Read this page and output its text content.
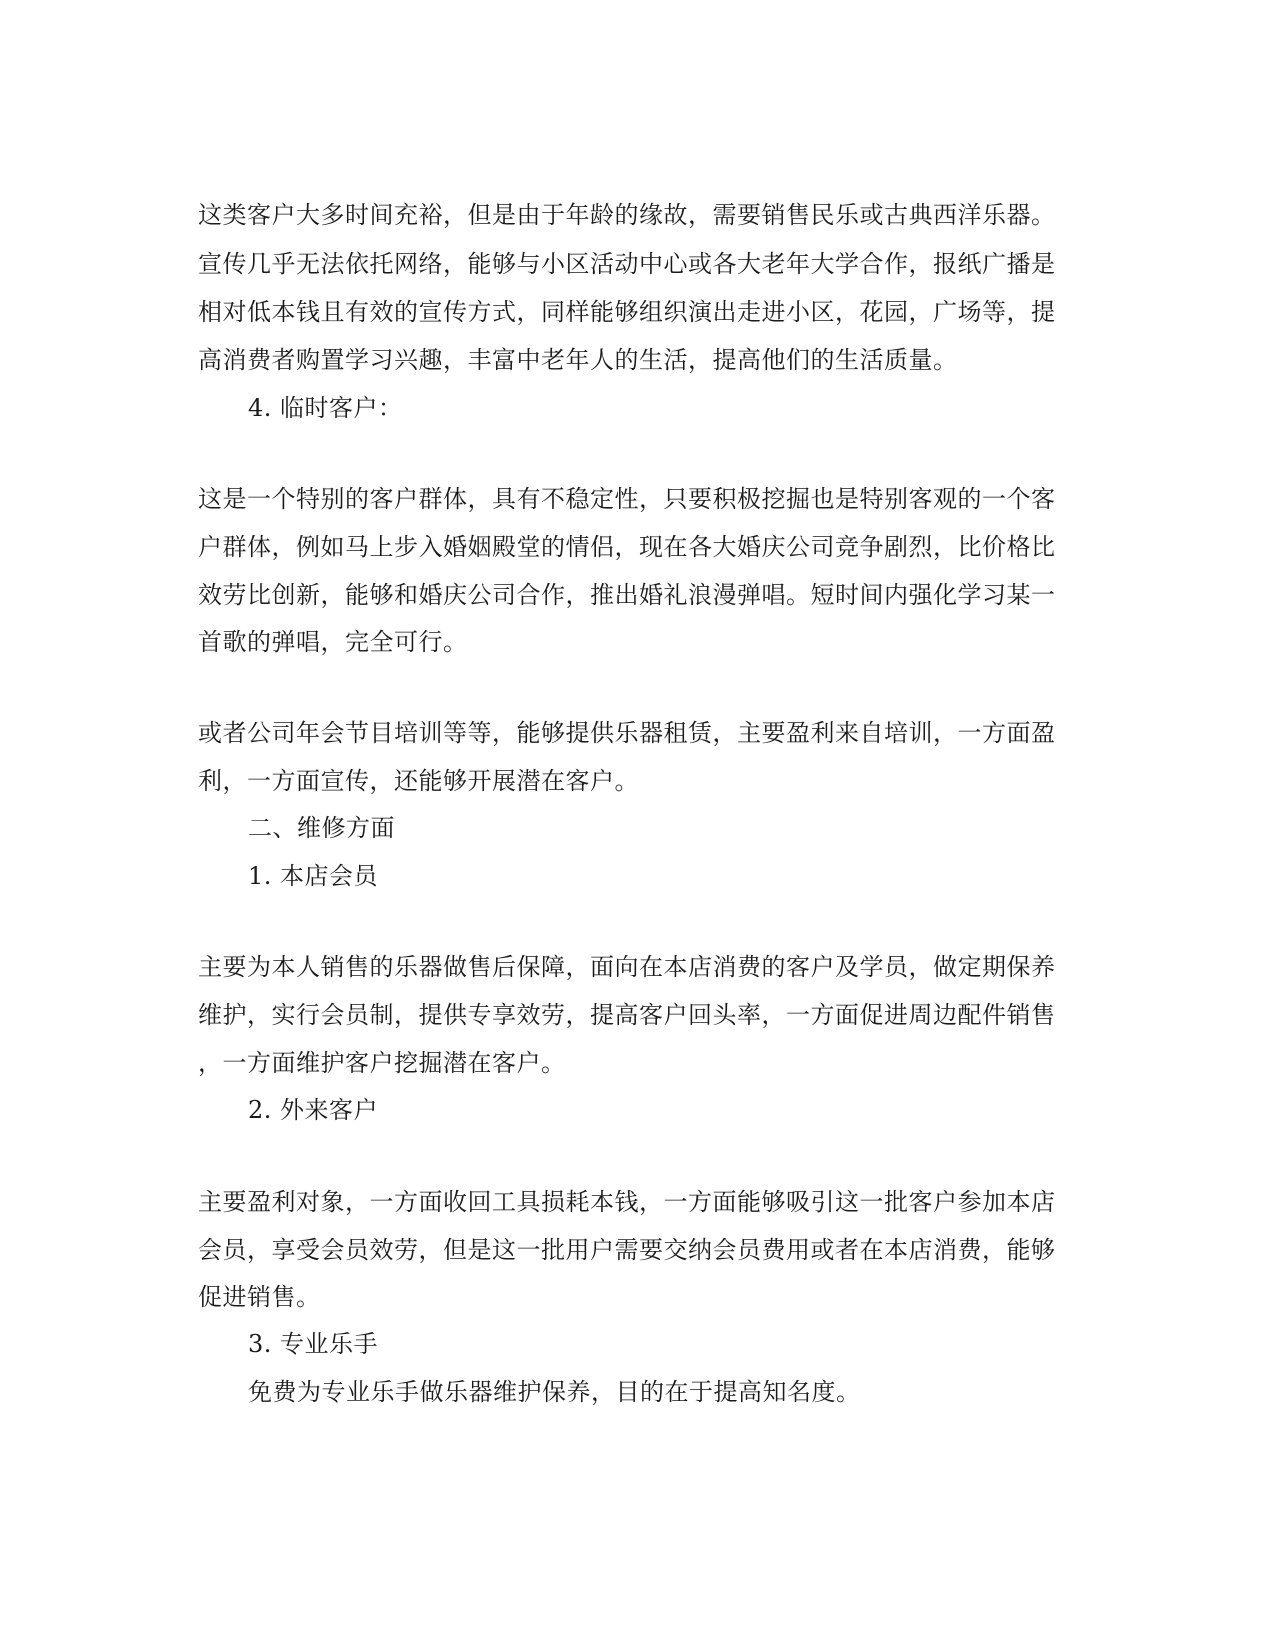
这类客户大多时间充裕，但是由于年龄的缘故，需要销售民乐或古典西洋乐器。
宣传几乎无法依托网络，能够与小区活动中心或各大老年大学合作，报纸广播是
相对低本钱且有效的宣传方式，同样能够组织演出走进小区，花园，广场等，提
高消费者购置学习兴趣，丰富中老年人的生活，提高他们的生活质量。
4. 临时客户：
这是一个特别的客户群体，具有不稳定性，只要积极挖掘也是特别客观的一个客
户群体，例如马上步入婚姻殿堂的情侣，现在各大婚庆公司竞争剧烈，比价格比
效劳比创新，能够和婚庆公司合作，推出婚礼浪漫弹唱。短时间内强化学习某一
首歌的弹唱，完全可行。
或者公司年会节目培训等等，能够提供乐器租赁，主要盈利来自培训，一方面盈
利，一方面宣传，还能够开展潜在客户。
二、维修方面
1. 本店会员
主要为本人销售的乐器做售后保障，面向在本店消费的客户及学员，做定期保养
维护，实行会员制，提供专享效劳，提高客户回头率，一方面促进周边配件销售
，一方面维护客户挖掘潜在客户。
2. 外来客户
主要盈利对象，一方面收回工具损耗本钱，一方面能够吸引这一批客户参加本店
会员，享受会员效劳，但是这一批用户需要交纳会员费用或者在本店消费，能够
促进销售。
3. 专业乐手
免费为专业乐手做乐器维护保养，目的在于提高知名度。
